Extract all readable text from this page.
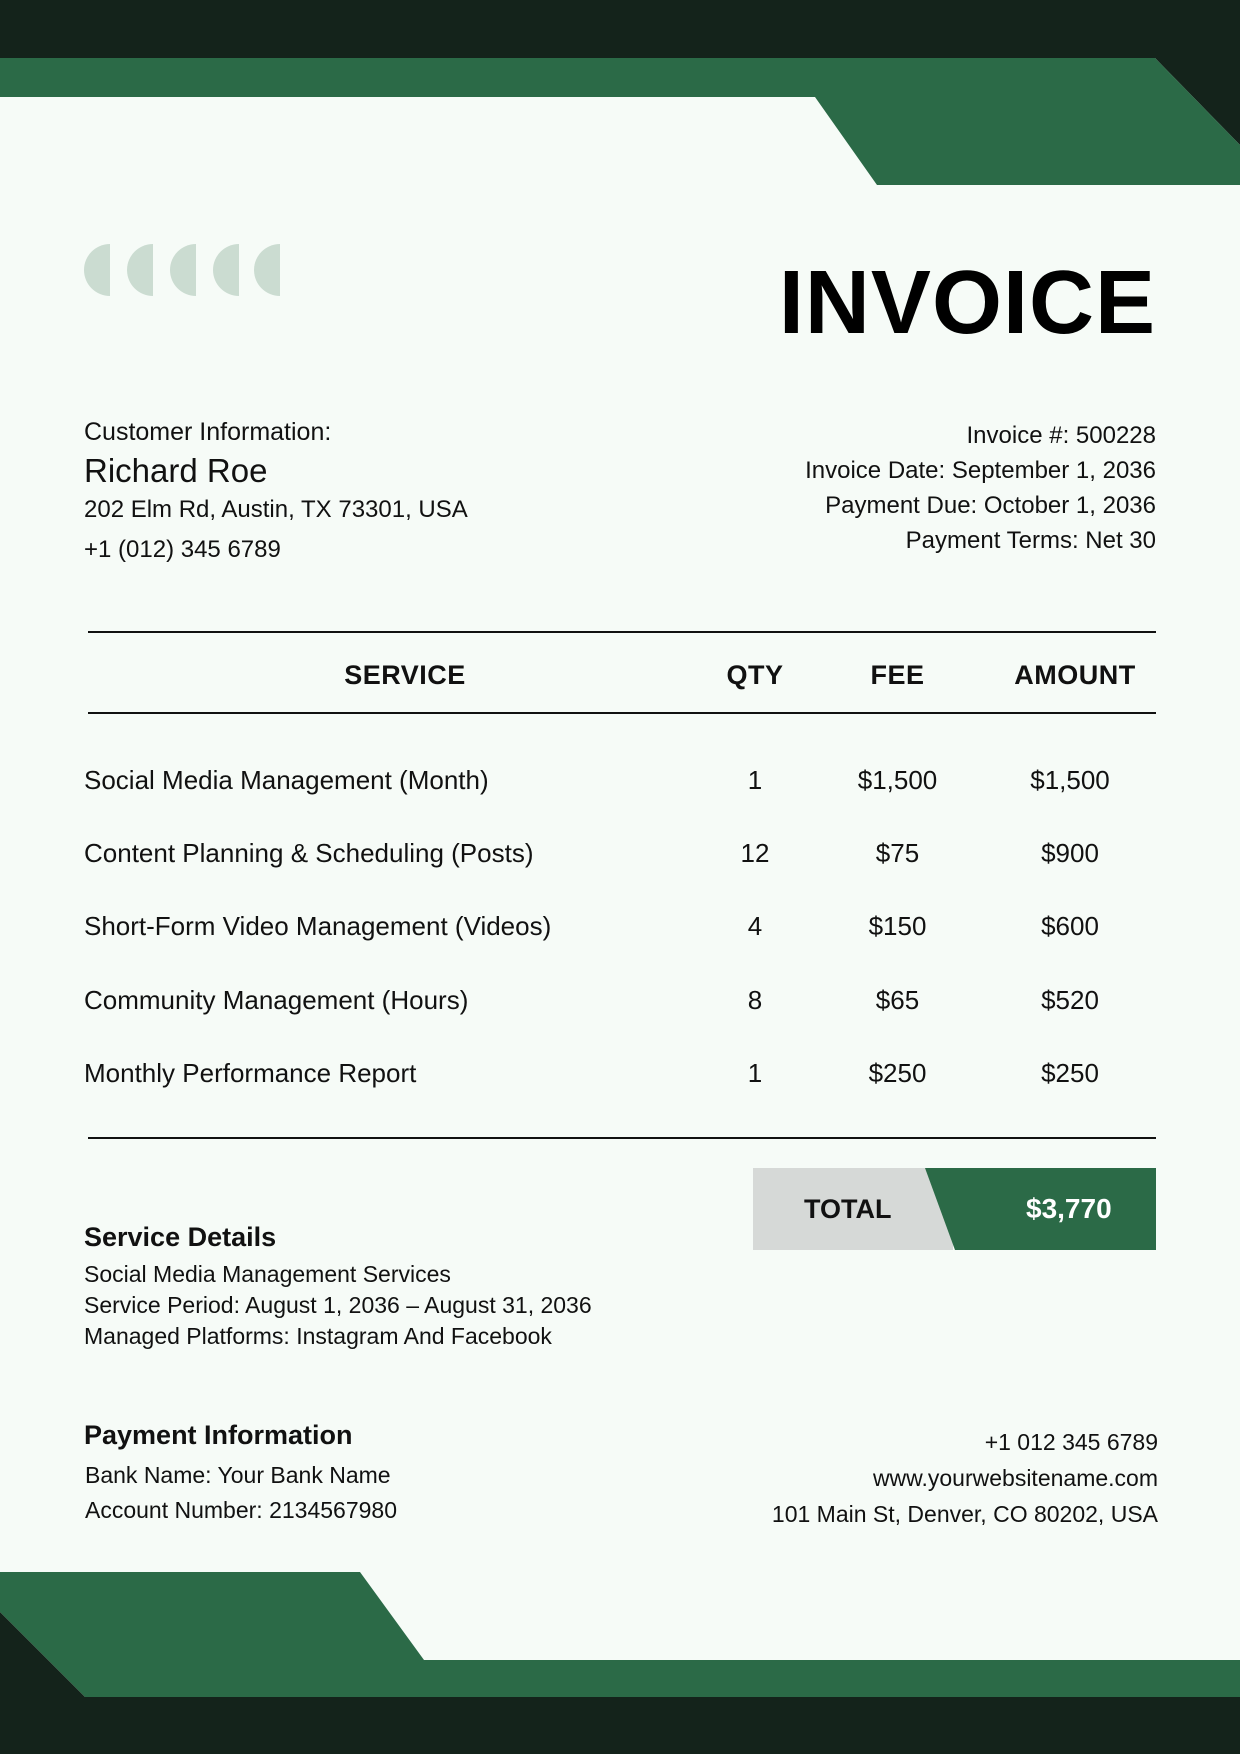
INVOICE
Customer Information:
Richard Roe
202 Elm Rd, Austin, TX 73301, USA
+1 (012) 345 6789
Invoice #: 500228
Invoice Date: September 1, 2036
Payment Due: October 1, 2036
Payment Terms: Net 30
SERVICE	QTY	FEE	AMOUNT
Social Media Management (Month)	1	$1,500	$1,500
Content Planning & Scheduling (Posts)	12	$75	$900
Short-Form Video Management (Videos)	4	$150	$600
Community Management (Hours)	8	$65	$520
Monthly Performance Report	1	$250	$250
TOTAL	$3,770
Service Details
Social Media Management Services
Service Period: August 1, 2036 – August 31, 2036
Managed Platforms: Instagram And Facebook
Payment Information
Bank Name: Your Bank Name
Account Number: 2134567980
+1 012 345 6789
www.yourwebsitename.com
101 Main St, Denver, CO 80202, USA
